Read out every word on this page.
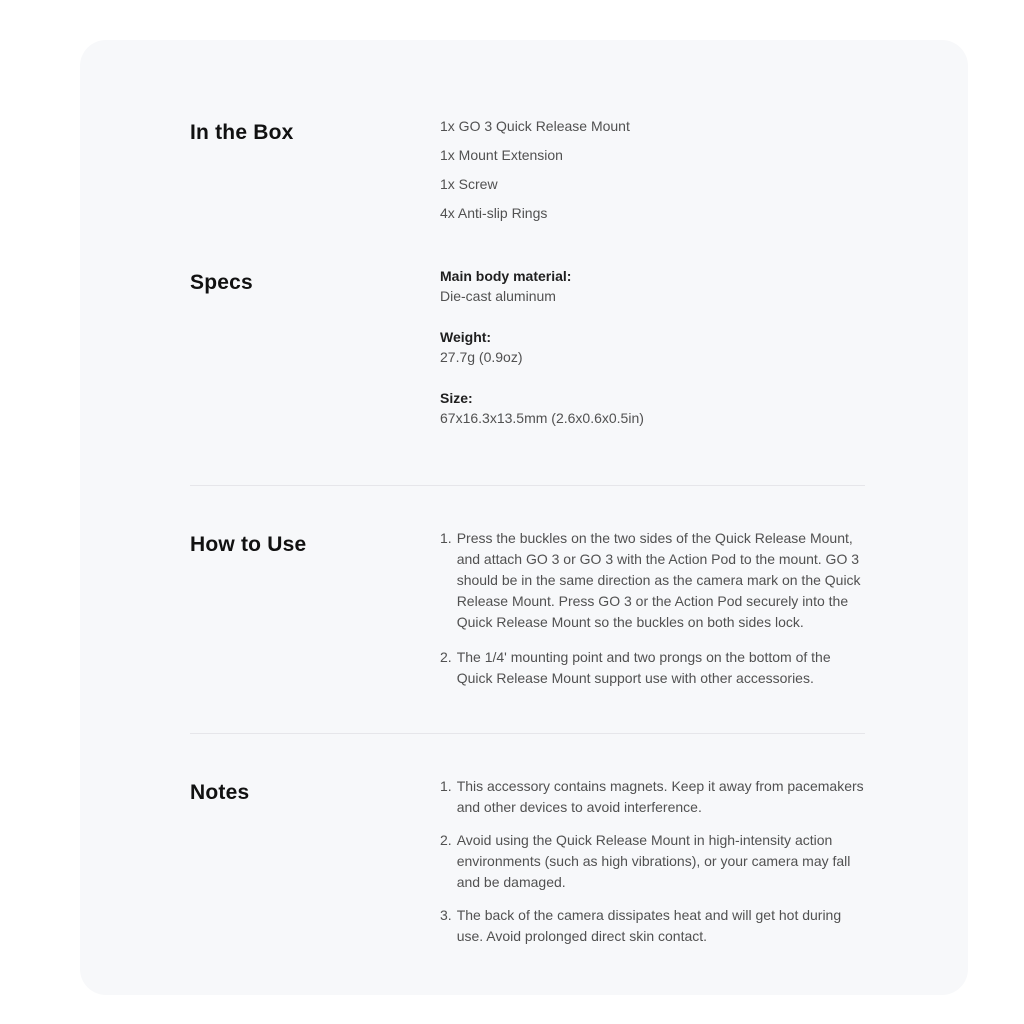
In the Box	1x GO 3 Quick Release Mount

1x Mount Extension

1x Screw

4x Anti-slip Rings

Specs	Main body material:

Die-cast aluminum

Weight:

27.7g (0.9oz)

Size:

67x16.3x13.5mm (2.6x0.6x0.5in)

How to Use	1. Press the buckles on the two sides of the Quick Release Mount, and attach GO 3 or GO 3 with the Action Pod to the mount. GO 3 should be in the same direction as the camera mark on the Quick Release Mount. Press GO 3 or the Action Pod securely into the Quick Release Mount so the buckles on both sides lock.
2. The 1/4' mounting point and two prongs on the bottom of the Quick Release Mount support use with other accessories.
Notes	1. This accessory contains magnets. Keep it away from pacemakers and other devices to avoid interference.
2. Avoid using the Quick Release Mount in high-intensity action environments (such as high vibrations), or your camera may fall and be damaged.
3. The back of the camera dissipates heat and will get hot during use. Avoid prolonged direct skin contact.
